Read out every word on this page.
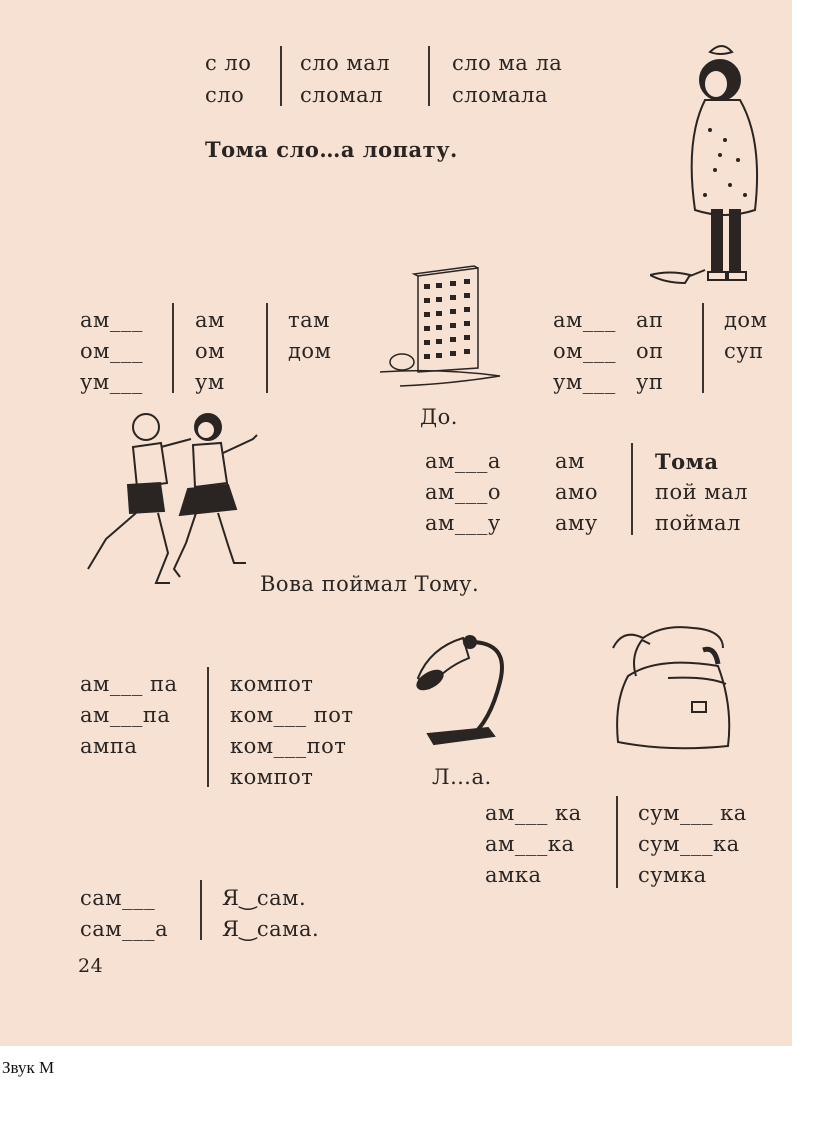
с ло
сло
сло мал
сломал
сло ма ла
сломала
Тома сло…а лопату.
ам___
ом___
ум___
ам
ом
ум
там
дом
ам___
ом___
ум___
ап
оп
уп
дом
суп
До.
ам___а
ам___о
ам___у
ам
амо
аму
Тома
пой мал
поймал
Вова поймал Тому.
ам___ па
ам___па
ампа
компот
ком___ пот
ком___пот
компот	Л…а.
ам___ ка
ам___ка
амка
сум___ ка
сум___ка
сумка
сам___
сам___а
Я‿сам.
Я‿сама.
24
Звук М
